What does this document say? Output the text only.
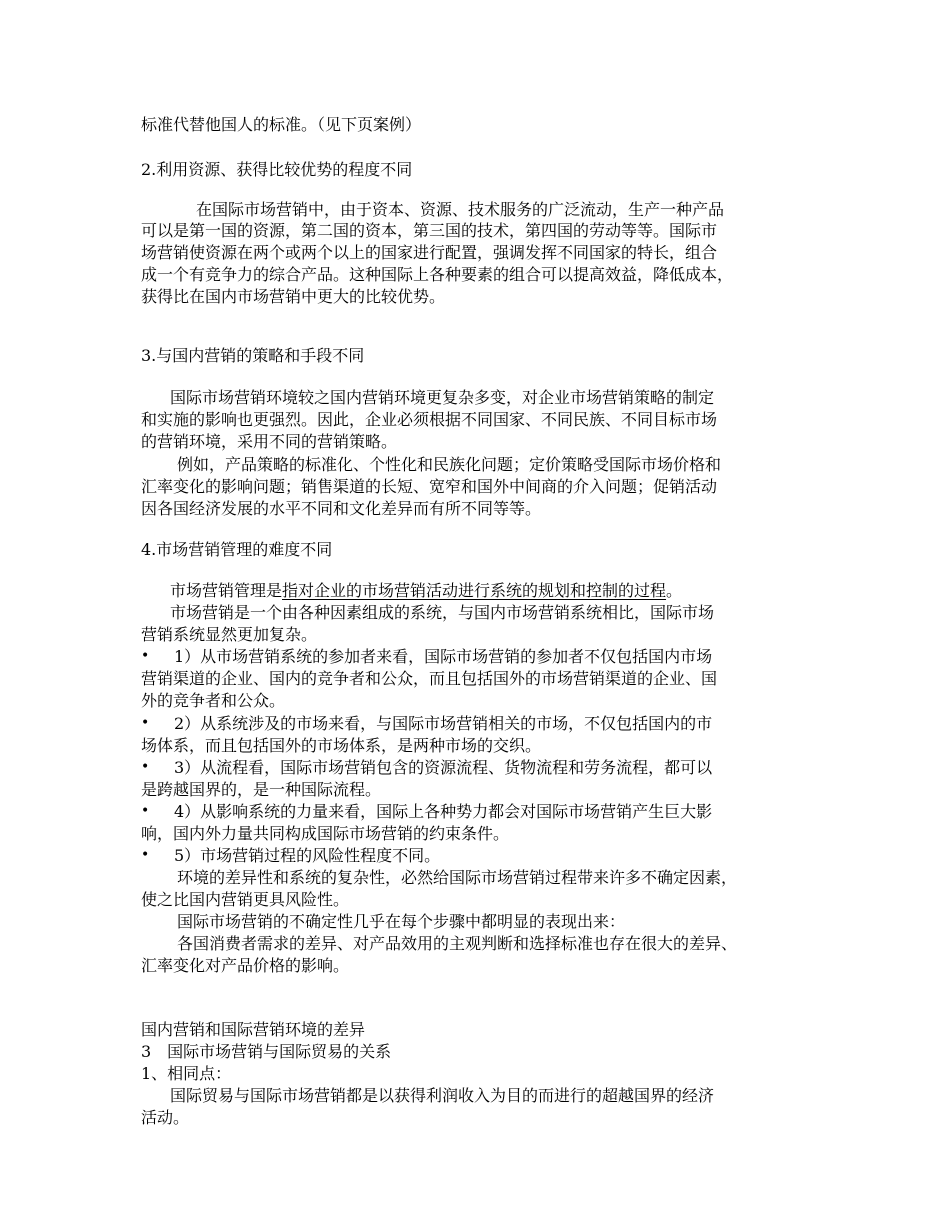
标准代替他国人的标准。（见下页案例）
2.利用资源、获得比较优势的程度不同
在国际市场营销中，由于资本、资源、技术服务的广泛流动，生产一种产品
可以是第一国的资源，第二国的资本，第三国的技术，第四国的劳动等等。国际市
场营销使资源在两个或两个以上的国家进行配置，强调发挥不同国家的特长，组合
成一个有竞争力的综合产品。这种国际上各种要素的组合可以提高效益，降低成本，
获得比在国内市场营销中更大的比较优势。
3.与国内营销的策略和手段不同
国际市场营销环境较之国内营销环境更复杂多变，对企业市场营销策略的制定
和实施的影响也更强烈。因此，企业必须根据不同国家、不同民族、不同目标市场
的营销环境，采用不同的营销策略。
例如，产品策略的标准化、个性化和民族化问题；定价策略受国际市场价格和
汇率变化的影响问题；销售渠道的长短、宽窄和国外中间商的介入问题；促销活动
因各国经济发展的水平不同和文化差异而有所不同等等。
4.市场营销管理的难度不同
市场营销管理是指对企业的市场营销活动进行系统的规划和控制的过程。
市场营销是一个由各种因素组成的系统，与国内市场营销系统相比，国际市场
营销系统显然更加复杂。
• 1）从市场营销系统的参加者来看，国际市场营销的参加者不仅包括国内市场
营销渠道的企业、国内的竞争者和公众，而且包括国外的市场营销渠道的企业、国
外的竞争者和公众。
• 2）从系统涉及的市场来看，与国际市场营销相关的市场，不仅包括国内的市
场体系，而且包括国外的市场体系，是两种市场的交织。
• 3）从流程看，国际市场营销包含的资源流程、货物流程和劳务流程，都可以
是跨越国界的，是一种国际流程。
• 4）从影响系统的力量来看，国际上各种势力都会对国际市场营销产生巨大影
响，国内外力量共同构成国际市场营销的约束条件。
• 5）市场营销过程的风险性程度不同。
环境的差异性和系统的复杂性，必然给国际市场营销过程带来许多不确定因素，
使之比国内营销更具风险性。
国际市场营销的不确定性几乎在每个步骤中都明显的表现出来：
各国消费者需求的差异、对产品效用的主观判断和选择标准也存在很大的差异、
汇率变化对产品价格的影响。
国内营销和国际营销环境的差异
3　国际市场营销与国际贸易的关系
1、相同点：
国际贸易与国际市场营销都是以获得利润收入为目的而进行的超越国界的经济
活动。
